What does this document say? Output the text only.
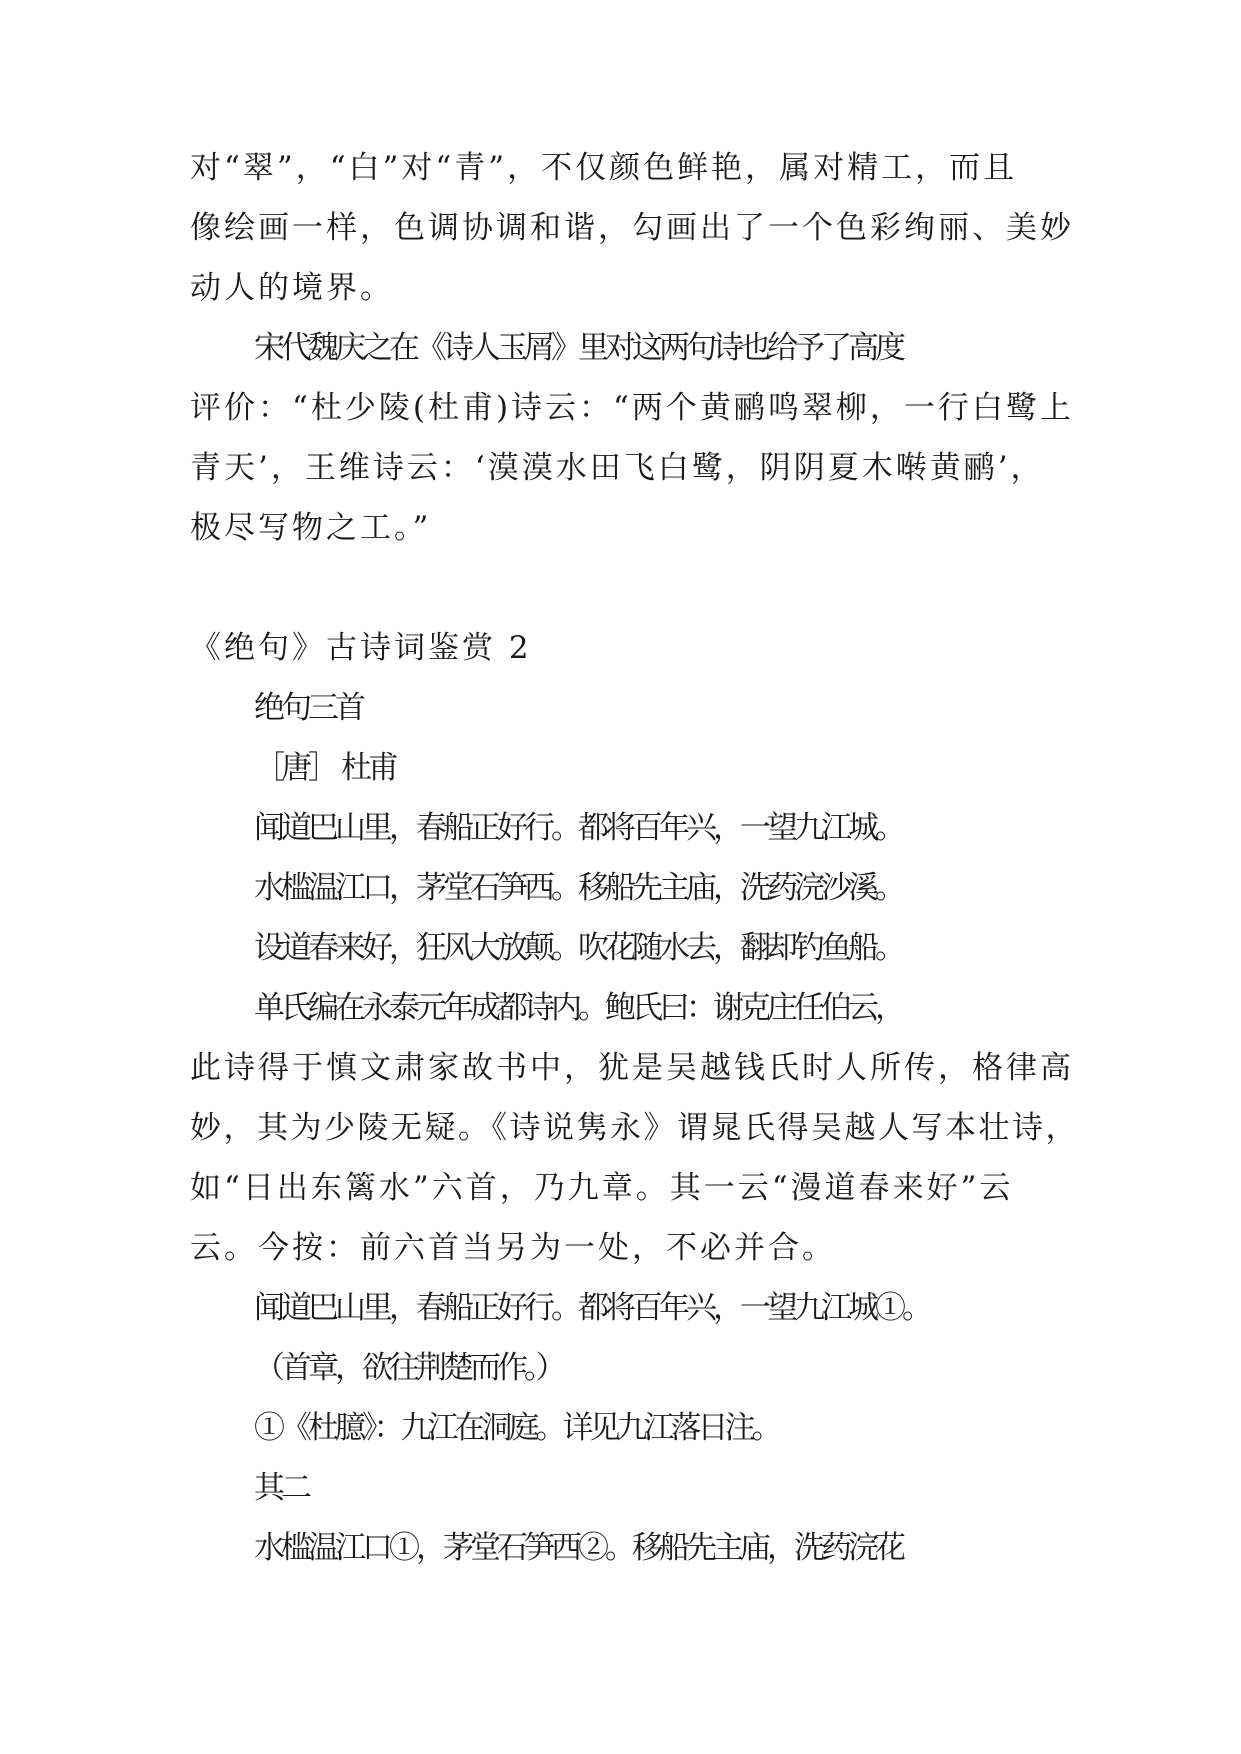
对“翠”，“白”对“青”，不仅颜色鲜艳，属对精工，而且
像绘画一样，色调协调和谐，勾画出了一个色彩绚丽、美妙
动人的境界。
宋代魏庆之在《诗人玉屑》里对这两句诗也给予了高度
评价：“杜少陵(杜甫)诗云：“两个黄鹂鸣翠柳，一行白鹭上
青天’，王维诗云：‘漠漠水田飞白鹭，阴阴夏木啭黄鹂’，
极尽写物之工。”
《绝句》古诗词鉴赏 2
绝句三首
［唐］ 杜甫
闻道巴山里，春船正好行。都将百年兴，一望九江城。
水槛温江口，茅堂石笋西。移船先主庙，洗药浣沙溪。
设道春来好，狂风大放颠。吹花随水去，翻却钓鱼船。
单氏编在永泰元年成都诗内。鲍氏曰：谢克庄任伯云，
此诗得于慎文肃家故书中，犹是吴越钱氏时人所传，格律高
妙，其为少陵无疑。《诗说隽永》谓晁氏得吴越人写本壮诗，
如“日出东篱水”六首，乃九章。其一云“漫道春来好”云
云。今按：前六首当另为一处，不必并合。
闻道巴山里，春船正好行。都将百年兴，一望九江城①。
（首章，欲往荆楚而作。）
①《杜臆》：九江在洞庭。详见九江落日注。
其二
水槛温江口①，茅堂石笋西②。移船先主庙，洗药浣花
